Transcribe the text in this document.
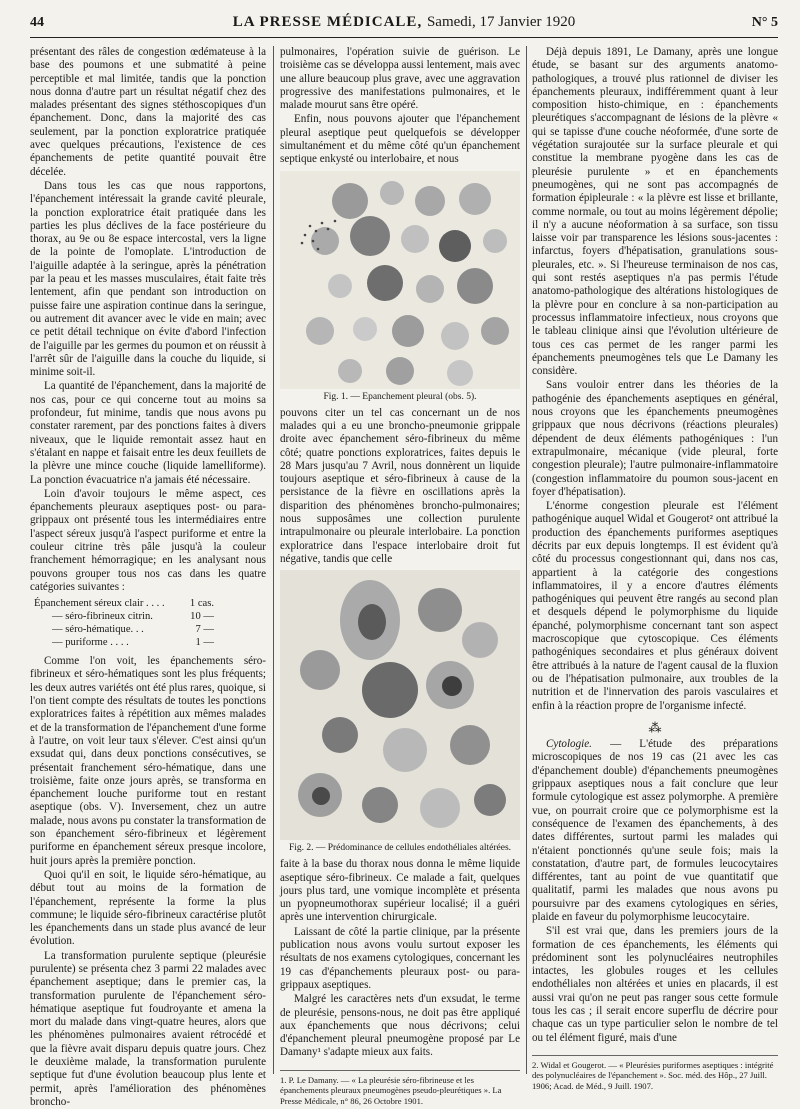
44	LA PRESSE MÉDICALE, Samedi, 17 Janvier 1920	N° 5

présentant des râles de congestion œdémateuse à la base des poumons et une submatité à peine perceptible et mal limitée, tandis que la ponction nous donna d'autre part un résultat négatif chez des malades présentant des signes stéthoscopiques d'un épanchement. Donc, dans la majorité des cas seulement, par la ponction exploratrice pratiquée avec quelques précautions, l'existence de ces épanchements de petite quantité pouvait être décelée.

Dans tous les cas que nous rapportons, l'épanchement intéressait la grande cavité pleurale, la ponction exploratrice était pratiquée dans les parties les plus déclives de la face postérieure du thorax, au 9e ou 8e espace intercostal, vers la ligne de la pointe de l'omoplate. L'introduction de l'aiguille adaptée à la seringue, après la pénétration par la peau et les masses musculaires, était faite très lentement, afin que pendant son introduction on puisse faire une aspiration continue dans la seringue, ou autrement dit avancer avec le vide en main; avec ce petit détail technique on évite d'abord l'infection de l'aiguille par les germes du poumon et on réussit à l'arrêt sûr de l'aiguille dans la couche du liquide, si minime soit-il.

La quantité de l'épanchement, dans la majorité de nos cas, pour ce qui concerne tout au moins sa profondeur, fut minime, tandis que nous avons pu constater rarement, par des ponctions faites à divers niveaux, que le liquide remontait assez haut en s'étalant en nappe et faisait entre les deux feuillets de la plèvre une mince couche (liquide lamelliforme). La ponction évacuatrice n'a jamais été nécessaire.

Loin d'avoir toujours le même aspect, ces épanchements pleuraux aseptiques post- ou para-grippaux ont présenté tous les intermédiaires entre l'aspect séreux jusqu'à l'aspect puriforme et entre la couleur citrine très pâle jusqu'à la couleur franchement hémorragique; en les analysant nous pouvons grouper tous nos cas dans les quatre catégories suivantes :

Épanchement séreux clair . . . .	1 cas.
— séro-fibrineux citrin.	10 —
— séro-hématique. . .	7 —
— puriforme . . . .	1 —

Comme l'on voit, les épanchements séro-fibrineux et séro-hématiques sont les plus fréquents; les deux autres variétés ont été plus rares, quoique, si l'on tient compte des résultats de toutes les ponctions exploratrices faites à répétition aux mêmes malades et de la transformation de l'épanchement d'une forme à l'autre, on voit leur taux s'élever. C'est ainsi qu'un exsudat qui, dans deux ponctions consécutives, se présentait franchement séro-hématique, dans une troisième, faite onze jours après, se transforma en épanchement louche puriforme tout en restant aseptique (obs. V). Inversement, chez un autre malade, nous avons pu constater la transformation de son épanchement séro-fibrineux et légèrement puriforme en épanchement séreux presque incolore, huit jours après la première ponction.

Quoi qu'il en soit, le liquide séro-hématique, au début tout au moins de la formation de l'épanchement, représente la forme la plus commune; le liquide séro-fibrineux caractérise plutôt les épanchements dans un stade plus avancé de leur évolution.

La transformation purulente septique (pleurésie purulente) se présenta chez 3 parmi 22 malades avec épanchement aseptique; dans le premier cas, la transformation purulente de l'épanchement séro-hématique aseptique fut foudroyante et amena la mort du malade dans vingt-quatre heures, alors que les phénomènes pulmonaires avaient rétrocédé et que la fièvre avait disparu depuis quatre jours. Chez le deuxième malade, la transformation purulente septique fut d'une évolution beaucoup plus lente et permit, après l'amélioration des phénomènes broncho-

pulmonaires, l'opération suivie de guérison. Le troisième cas se développa aussi lentement, mais avec une allure beaucoup plus grave, avec une aggravation progressive des manifestations pulmonaires, et le malade mourut sans être opéré.

Enfin, nous pouvons ajouter que l'épanchement pleural aseptique peut quelquefois se développer simultanément et du même côté qu'un épanchement septique enkysté ou interlobaire, et nous

Fig. 1. — Epanchement pleural (obs. 5).

pouvons citer un tel cas concernant un de nos malades qui a eu une broncho-pneumonie grippale droite avec épanchement séro-fibrineux du même côté; quatre ponctions exploratrices, faites depuis le 28 Mars jusqu'au 7 Avril, nous donnèrent un liquide toujours aseptique et séro-fibrineux à cause de la persistance de la fièvre en oscillations après la disparition des phénomènes broncho-pulmonaires; nous supposâmes une collection purulente intrapulmonaire ou pleurale interlobaire. La ponction exploratrice dans l'espace interlobaire droit fut négative, tandis que celle

Fig. 2. — Prédominance de cellules endothéliales altérées.

faite à la base du thorax nous donna le même liquide aseptique séro-fibrineux. Ce malade a fait, quelques jours plus tard, une vomique incomplète et présenta un pyopneumothorax supérieur localisé; il a guéri après une intervention chirurgicale.

Laissant de côté la partie clinique, par la présente publication nous avons voulu surtout exposer les résultats de nos examens cytologiques, concernant les 19 cas d'épanchements pleuraux post- ou para-grippaux aseptiques.

Malgré les caractères nets d'un exsudat, le terme de pleurésie, pensons-nous, ne doit pas être appliqué aux épanchements que nous décrivons; celui d'épanchement pleural pneumogène proposé par Le Damany¹ s'adapte mieux aux faits.

1. P. Le Damany. — « La pleurésie séro-fibrineuse et les épanchements pleuraux pneumogènes pseudo-pleurétiques ». La Presse Médicale, n° 86, 26 Octobre 1901.

Déjà depuis 1891, Le Damany, après une longue étude, se basant sur des arguments anatomo-pathologiques, a trouvé plus rationnel de diviser les épanchements pleuraux, indifféremment quant à leur composition histo-chimique, en : épanchements pleurétiques s'accompagnant de lésions de la plèvre « qui se tapisse d'une couche néoformée, d'une sorte de végétation surajoutée sur la surface pleurale et qui constitue la membrane pyogène dans les cas de pleurésie purulente » et en épanchements pneumogènes, qui ne sont pas accompagnés de formation épipleurale : « la plèvre est lisse et brillante, comme normale, ou tout au moins légèrement dépolie; il n'y a aucune néoformation à sa surface, son tissu laisse voir par transparence les lésions sous-jacentes : infarctus, foyers d'hépatisation, granulations sous-pleurales, etc. ». Si l'heureuse terminaison de nos cas, qui sont restés aseptiques n'a pas permis l'étude anatomo-pathologique des altérations histologiques de la plèvre pour en conclure à sa non-participation au processus inflammatoire infectieux, nous croyons que le tableau clinique ainsi que l'évolution ultérieure de tous ces cas permet de les ranger parmi les épanchements pneumogènes tels que Le Damany les considère.

Sans vouloir entrer dans les théories de la pathogénie des épanchements aseptiques en général, nous croyons que les épanchements pneumogènes grippaux que nous décrivons (réactions pleurales) dépendent de deux éléments pathogéniques : l'un extrapulmonaire, mécanique (vide pleural, forte congestion pleurale); l'autre pulmonaire-inflammatoire (congestion inflammatoire du poumon sous-jacent en foyer d'hépatisation).

L'énorme congestion pleurale est l'élément pathogénique auquel Widal et Gougerot² ont attribué la production des épanchements puriformes aseptiques décrits par eux depuis longtemps. Il est évident qu'à côté du processus congestionnant qui, dans nos cas, appartient à la catégorie des congestions inflammatoires, il y a encore d'autres éléments pathogéniques qui peuvent être rangés au second plan et desquels dépend le polymorphisme du liquide épanché, polymorphisme concernant tant son aspect macroscopique que cytoscopique. Ces éléments pathogéniques secondaires et plus généraux doivent être attribués à la nature de l'agent causal de la fluxion ou de l'hépatisation pulmonaire, aux troubles de la nutrition et de l'innervation des parois vasculaires et enfin à la réaction propre de l'organisme infecté.

⁂

Cytologie. — L'étude des préparations microscopiques de nos 19 cas (21 avec les cas d'épanchement double) d'épanchements pneumogènes grippaux aseptiques nous a fait conclure que leur formule cytologique est assez polymorphe. A première vue, on pourrait croire que ce polymorphisme est la conséquence de l'examen des épanchements, à des dates différentes, surtout parmi les malades qui n'étaient ponctionnés qu'une seule fois; mais la constatation, d'autre part, de formules leucocytaires différentes, tant au point de vue quantitatif que qualitatif, parmi les malades que nous avons pu poursuivre par des examens cytologiques en séries, plaide en faveur du polymorphisme leucocytaire.

S'il est vrai que, dans les premiers jours de la formation de ces épanchements, les éléments qui prédominent sont les polynucléaires neutrophiles intactes, les globules rouges et les cellules endothéliales non altérées et unies en placards, il est aussi vrai qu'on ne peut pas ranger sous cette formule tous les cas ; il serait encore superflu de décrire pour chaque cas un type particulier selon le nombre de tel ou tel élément figuré, mais d'une

2. Widal et Gougerot. — « Pleurésies puriformes aseptiques : intégrité des polynucléaires de l'épanchement ». Soc. méd. des Hôp., 27 Juill. 1906; Acad. de Méd., 9 Juill. 1907.
